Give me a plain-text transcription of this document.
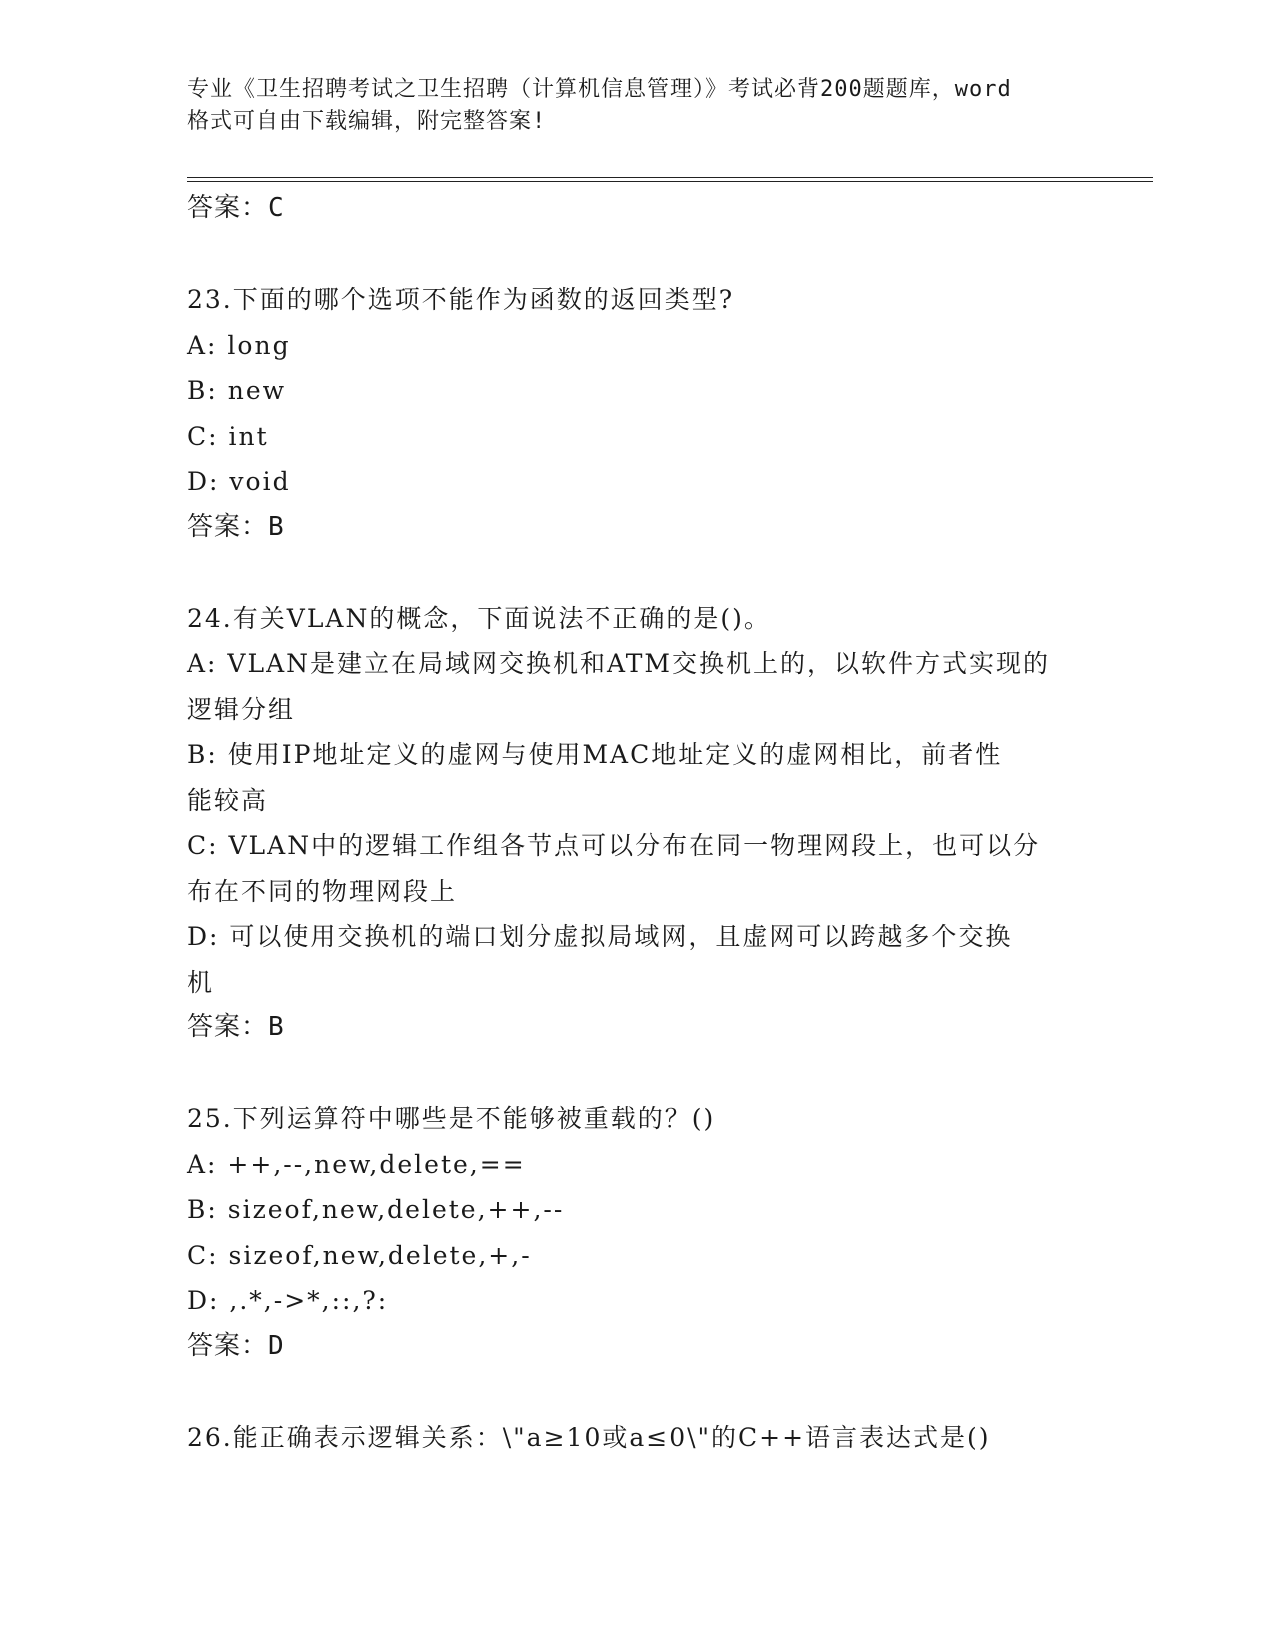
专业《卫生招聘考试之卫生招聘（计算机信息管理）》考试必背200题题库，word
格式可自由下载编辑，附完整答案!
答案：C
23.下面的哪个选项不能作为函数的返回类型?
A: long
B: new
C: int
D: void
答案：B
24.有关VLAN的概念，下面说法不正确的是()。
A: VLAN是建立在局域网交换机和ATM交换机上的，以软件方式实现的
逻辑分组
B: 使用IP地址定义的虚网与使用MAC地址定义的虚网相比，前者性
能较高
C: VLAN中的逻辑工作组各节点可以分布在同一物理网段上，也可以分
布在不同的物理网段上
D: 可以使用交换机的端口划分虚拟局域网，且虚网可以跨越多个交换
机
答案：B
25.下列运算符中哪些是不能够被重载的？()
A: ++,--,new,delete,==
B: sizeof,new,delete,++,--
C: sizeof,new,delete,+,-
D: ,.*,->*,::,?:
答案：D
26.能正确表示逻辑关系：\"a≥10或a≤0\"的C++语言表达式是()
